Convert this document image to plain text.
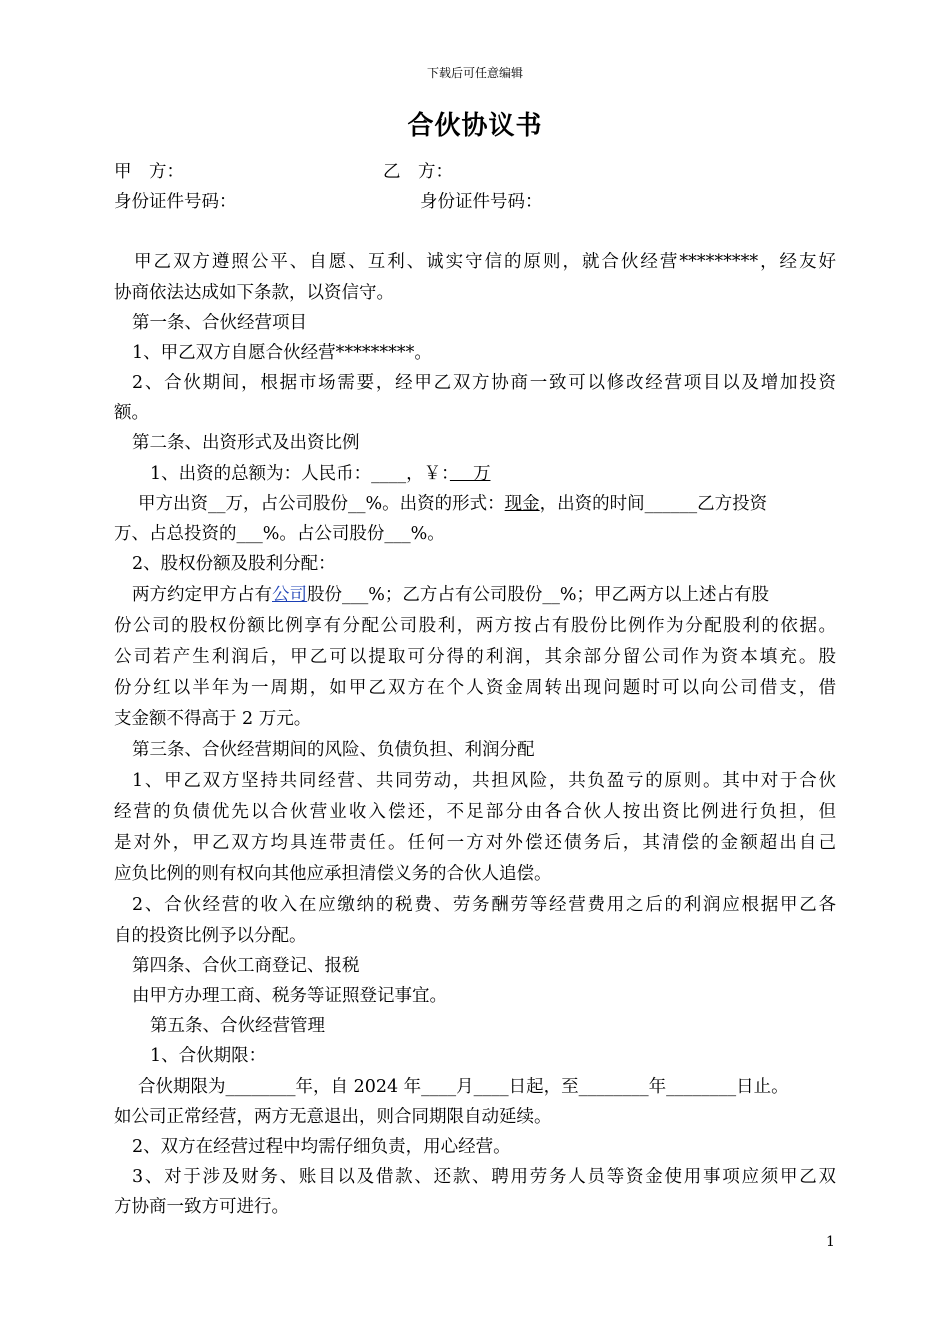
下载后可任意编辑
合伙协议书
甲　方：	乙　方：
身份证件号码：	身份证件号码：
甲乙双方遵照公平、自愿、互利、诚实守信的原则，就合伙经营*********，经友好
协商依法达成如下条款，以资信守。
第一条、合伙经营项目
1、甲乙双方自愿合伙经营*********。
2、合伙期间，根据市场需要，经甲乙双方协商一致可以修改经营项目以及增加投资
额。
第二条、出资形式及出资比例
1、出资的总额为：人民币：____，￥：　 万
甲方出资__万，占公司股份__%。出资的形式：现金，出资的时间______乙方投资
万、占总投资的___%。占公司股份___%。
2、股权份额及股利分配：
两方约定甲方占有公司股份___%；乙方占有公司股份__%；甲乙两方以上述占有股
份公司的股权份额比例享有分配公司股利，两方按占有股份比例作为分配股利的依据。
公司若产生利润后，甲乙可以提取可分得的利润，其余部分留公司作为资本填充。股
份分红以半年为一周期，如甲乙双方在个人资金周转出现问题时可以向公司借支，借
支金额不得高于 2 万元。
第三条、合伙经营期间的风险、负债负担、利润分配
1、甲乙双方坚持共同经营、共同劳动，共担风险，共负盈亏的原则。其中对于合伙
经营的负债优先以合伙营业收入偿还，不足部分由各合伙人按出资比例进行负担，但
是对外，甲乙双方均具连带责任。任何一方对外偿还债务后，其清偿的金额超出自己
应负比例的则有权向其他应承担清偿义务的合伙人追偿。
2、合伙经营的收入在应缴纳的税费、劳务酬劳等经营费用之后的利润应根据甲乙各
自的投资比例予以分配。
第四条、合伙工商登记、报税
由甲方办理工商、税务等证照登记事宜。
第五条、合伙经营管理
1、合伙期限：
合伙期限为________年，自 2024 年____月____日起，至________年________日止。
如公司正常经营，两方无意退出，则合同期限自动延续。
2、双方在经营过程中均需仔细负责，用心经营。
3、对于涉及财务、账目以及借款、还款、聘用劳务人员等资金使用事项应须甲乙双
方协商一致方可进行。
1
